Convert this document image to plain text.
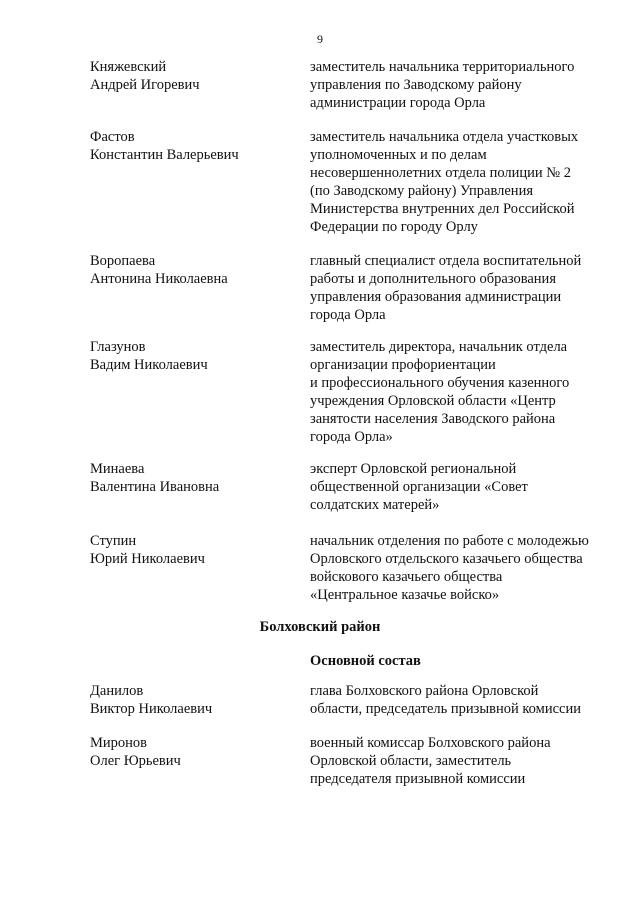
9
Княжевский
Андрей Игоревич
заместитель начальника территориального
управления по Заводскому району
администрации города Орла
Фастов
Константин Валерьевич
заместитель начальника отдела участковых
уполномоченных и по делам
несовершеннолетних отдела полиции № 2
(по Заводскому району) Управления
Министерства внутренних дел Российской
Федерации по городу Орлу
Воропаева
Антонина Николаевна
главный специалист отдела воспитательной
работы и дополнительного образования
управления образования администрации
города Орла
Глазунов
Вадим Николаевич
заместитель директора, начальник отдела
организации профориентации
и профессионального обучения казенного
учреждения Орловской области «Центр
занятости населения Заводского района
города Орла»
Минаева
Валентина Ивановна
эксперт Орловской региональной
общественной организации «Совет
солдатских матерей»
Ступин
Юрий Николаевич
начальник отделения по работе с молодежью
Орловского отдельского казачьего общества
войскового казачьего общества
«Центральное казачье войско»
Болховский район
Основной состав
Данилов
Виктор Николаевич
глава Болховского района Орловской
области, председатель призывной комиссии
Миронов
Олег Юрьевич
военный комиссар Болховского района
Орловской области, заместитель
председателя призывной комиссии
